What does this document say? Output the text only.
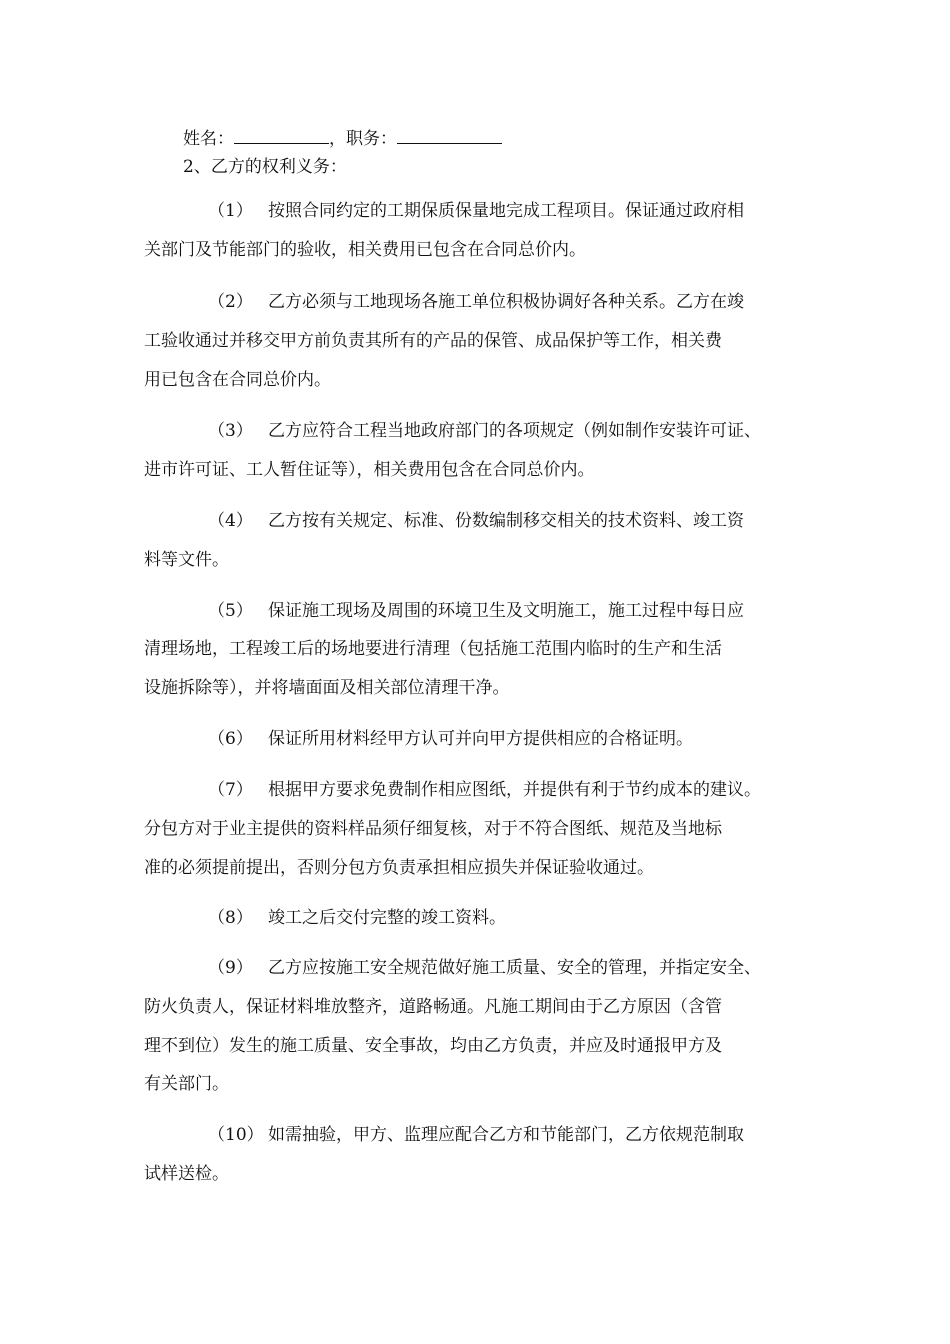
姓名：	，职务：
2、乙方的权利义务：
（1） 按照合同约定的工期保质保量地完成工程项目。保证通过政府相
关部门及节能部门的验收，相关费用已包含在合同总价内。
（2） 乙方必须与工地现场各施工单位积极协调好各种关系。乙方在竣
工验收通过并移交甲方前负责其所有的产品的保管、成品保护等工作，相关费
用已包含在合同总价内。
（3） 乙方应符合工程当地政府部门的各项规定（例如制作安装许可证、
进市许可证、工人暂住证等），相关费用包含在合同总价内。
（4） 乙方按有关规定、标准、份数编制移交相关的技术资料、竣工资
料等文件。
（5） 保证施工现场及周围的环境卫生及文明施工，施工过程中每日应
清理场地，工程竣工后的场地要进行清理（包括施工范围内临时的生产和生活
设施拆除等），并将墙面面及相关部位清理干净。
（6） 保证所用材料经甲方认可并向甲方提供相应的合格证明。
（7） 根据甲方要求免费制作相应图纸，并提供有利于节约成本的建议。
分包方对于业主提供的资料样品须仔细复核，对于不符合图纸、规范及当地标
准的必须提前提出，否则分包方负责承担相应损失并保证验收通过。
（8） 竣工之后交付完整的竣工资料。
（9） 乙方应按施工安全规范做好施工质量、安全的管理，并指定安全、
防火负责人，保证材料堆放整齐，道路畅通。凡施工期间由于乙方原因（含管
理不到位）发生的施工质量、安全事故，均由乙方负责，并应及时通报甲方及
有关部门。
（10） 如需抽验，甲方、监理应配合乙方和节能部门，乙方依规范制取
试样送检。
